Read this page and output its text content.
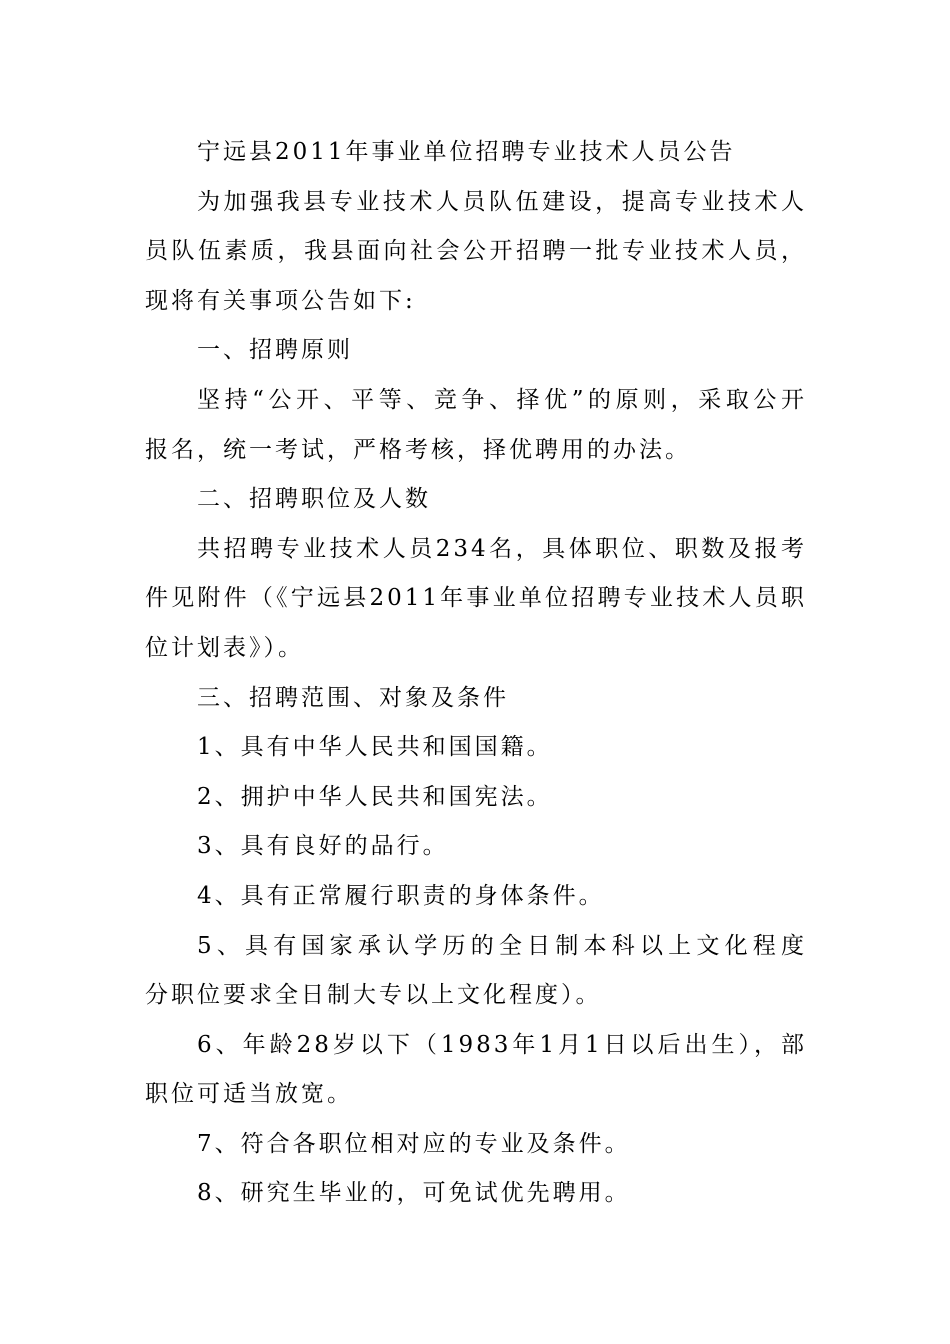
宁远县2011年事业单位招聘专业技术人员公告
为加强我县专业技术人员队伍建设，提高专业技术人
员队伍素质，我县面向社会公开招聘一批专业技术人员，
现将有关事项公告如下:
一、招聘原则
坚持“公开、平等、竞争、择优”的原则，采取公开
报名，统一考试，严格考核，择优聘用的办法。
二、招聘职位及人数
共招聘专业技术人员234名，具体职位、职数及报考
件见附件（《宁远县2011年事业单位招聘专业技术人员职
位计划表》）。
三、招聘范围、对象及条件
1、具有中华人民共和国国籍。
2、拥护中华人民共和国宪法。
3、具有良好的品行。
4、具有正常履行职责的身体条件。
5、具有国家承认学历的全日制本科以上文化程度
分职位要求全日制大专以上文化程度）。
6、年龄28岁以下（1983年1月1日以后出生），部
职位可适当放宽。
7、符合各职位相对应的专业及条件。
8、研究生毕业的，可免试优先聘用。
